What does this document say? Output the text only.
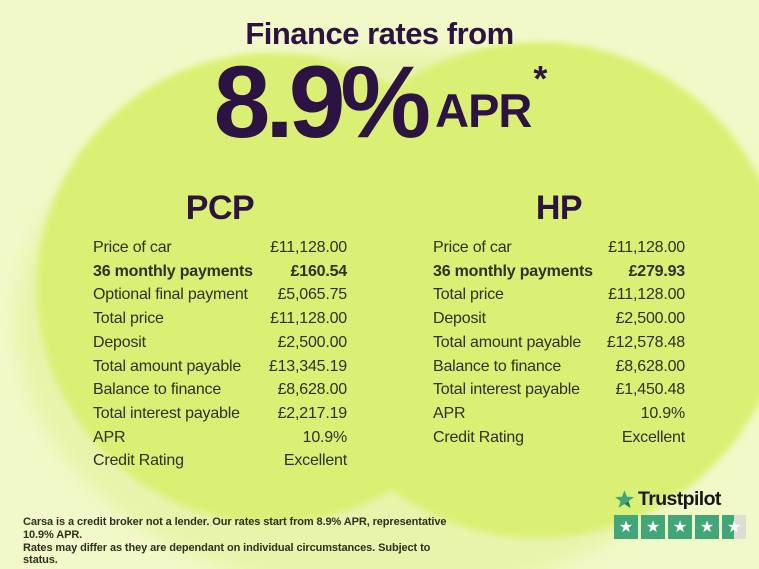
Finance rates from
8.9% APR*
PCP
Price of car	£11,128.00
36 monthly payments £160.54
Optional final payment £5,065.75
Total price	£11,128.00
Deposit	£2,500.00
Total amount payable £13,345.19
Balance to finance	£8,628.00
Total interest payable £2,217.19
APR	10.9%
Credit Rating	Excellent
HP
Price of car	£11,128.00
36 monthly payments £279.93
Total price	£11,128.00
Deposit	£2,500.00
Total amount payable £12,578.48
Balance to finance	£8,628.00
Total interest payable £1,450.48
APR	10.9%
Credit Rating	Excellent

Carsa is a credit broker not a lender. Our rates start from 8.9% APR, representative 10.9% APR.
Rates may differ as they are dependant on individual circumstances. Subject to status.

Trustpilot
★ ★ ★ ★ ★
